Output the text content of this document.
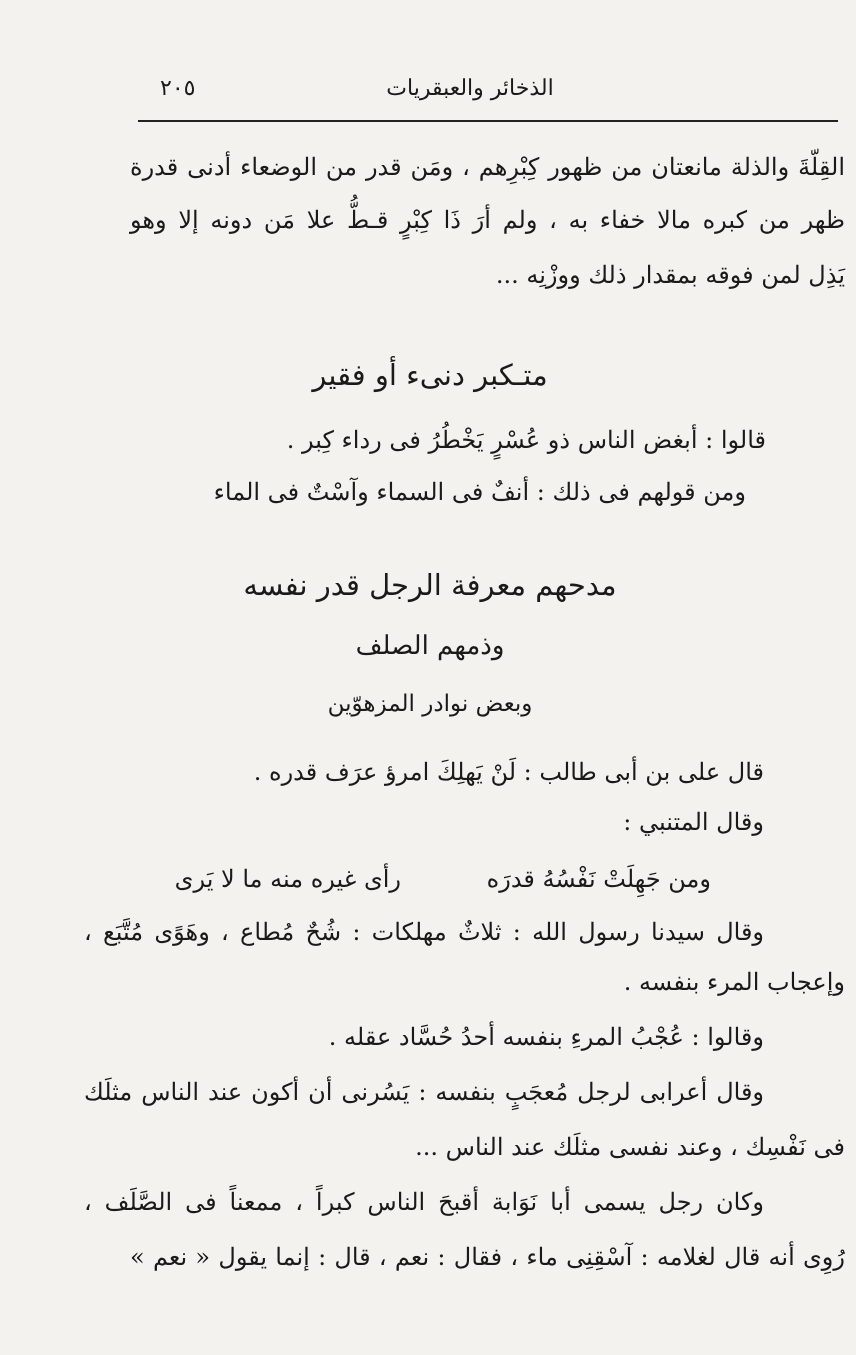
الذخائر والعبقريات
٢٠٥
القِلّةَ والذلة مانعتان من ظهور كِبْرِهم ، ومَن قدر من الوضعاء أدنى قدرة
ظهر من كبره مالا خفاء به ، ولم أرَ ذَا كِبْرٍ قـطُّ علا مَن دونه إلا وهو
يَذِل لمن فوقه بمقدار ذلك ووزْنِه ...
متـكبر دنىء أو فقير
قالوا : أبغض الناس ذو عُسْرٍ يَخْطُرُ فى رداء كِبر .
ومن قولهم فى ذلك : أنفٌ فى السماء وآسْتٌ فى الماء
مدحهم معرفة الرجل قدر نفسه
وذمهم الصلف
وبعض نوادر المزهوّين
قال على بن أبى طالب : لَنْ يَهلِكَ امرؤ عرَف قدره .
وقال المتنبي :
ومن جَهِلَتْ نَفْسُهُ قدرَه
رأى غيره منه ما لا يَرى
وقال سيدنا رسول الله : ثلاثٌ مهلكات : شُحٌ مُطاع ، وهَوًى مُتَّبَع ،
وإعجاب المرء بنفسه .
وقالوا : عُجْبُ المرءِ بنفسه أحدُ حُسَّاد عقله .
وقال أعرابى لرجل مُعجَبٍ بنفسه : يَسُرنى أن أكون عند الناس مثلَك
فى نَفْسِك ، وعند نفسى مثلَك عند الناس ...
وكان رجل يسمى أبا نَوَابة أقبحَ الناس كبراً ، ممعناً فى الصَّلَف ،
رُوِى أنه قال لغلامه : آسْقِنِى ماء ، فقال : نعم ، قال : إنما يقول « نعم »
